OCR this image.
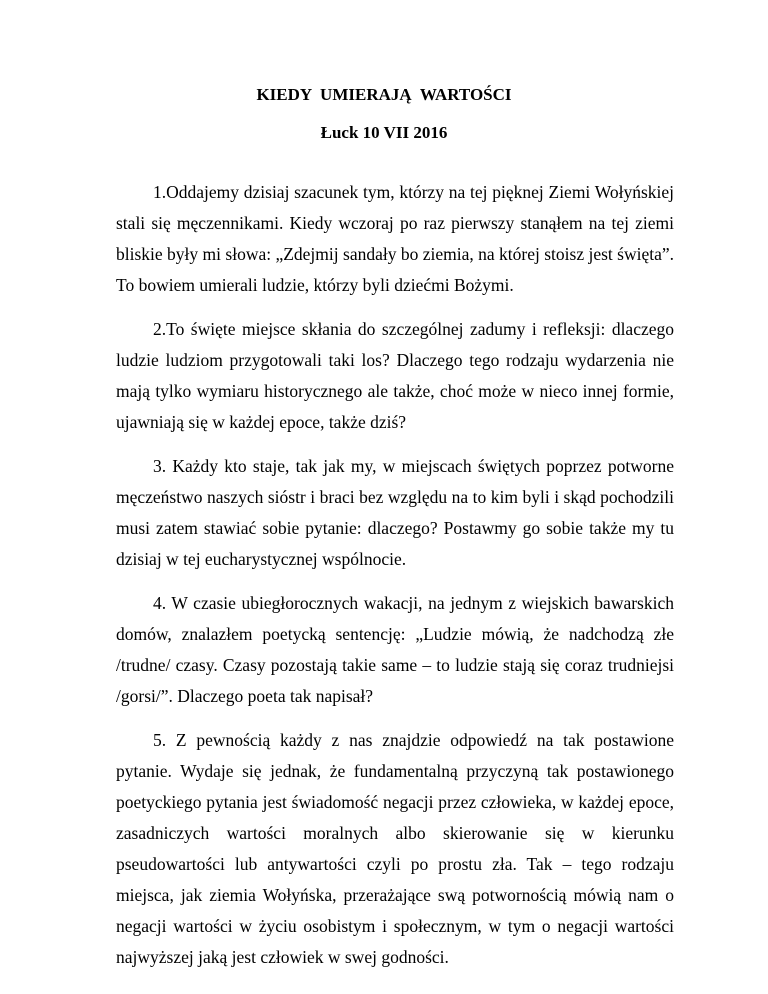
KIEDY  UMIERAJĄ  WARTOŚCI
Łuck 10 VII 2016

1.Oddajemy dzisiaj szacunek tym, którzy na tej pięknej Ziemi Wołyńskiej stali się męczennikami. Kiedy wczoraj po raz pierwszy stanąłem na tej ziemi bliskie były mi słowa: „Zdejmij sandały bo ziemia, na której stoisz jest święta”. To bowiem umierali ludzie, którzy byli dziećmi Bożymi.

2.To święte miejsce skłania do szczególnej zadumy i refleksji: dlaczego ludzie ludziom przygotowali taki los? Dlaczego tego rodzaju wydarzenia nie mają tylko wymiaru historycznego ale także, choć może w nieco innej formie, ujawniają się w każdej epoce, także dziś?

3. Każdy kto staje, tak jak my, w miejscach świętych poprzez potworne męczeństwo naszych sióstr i braci bez względu na to kim byli i skąd pochodzili musi zatem stawiać sobie pytanie: dlaczego? Postawmy go sobie także my tu dzisiaj w tej eucharystycznej wspólnocie.

4. W czasie ubiegłorocznych wakacji, na jednym z wiejskich bawarskich domów, znalazłem poetycką sentencję: „Ludzie mówią, że nadchodzą złe /trudne/ czasy. Czasy pozostają takie same – to ludzie stają się coraz trudniejsi /gorsi/”. Dlaczego poeta tak napisał?

5. Z pewnością każdy z nas znajdzie odpowiedź na tak postawione pytanie. Wydaje się jednak, że fundamentalną przyczyną tak postawionego poetyckiego pytania jest świadomość negacji przez człowieka, w każdej epoce, zasadniczych wartości moralnych albo skierowanie się w kierunku pseudowartości lub antywartości czyli po prostu zła. Tak – tego rodzaju miejsca, jak ziemia Wołyńska, przerażające swą potwornością mówią nam o negacji wartości w życiu osobistym i społecznym, w tym o negacji wartości najwyższej jaką jest człowiek w swej godności.
